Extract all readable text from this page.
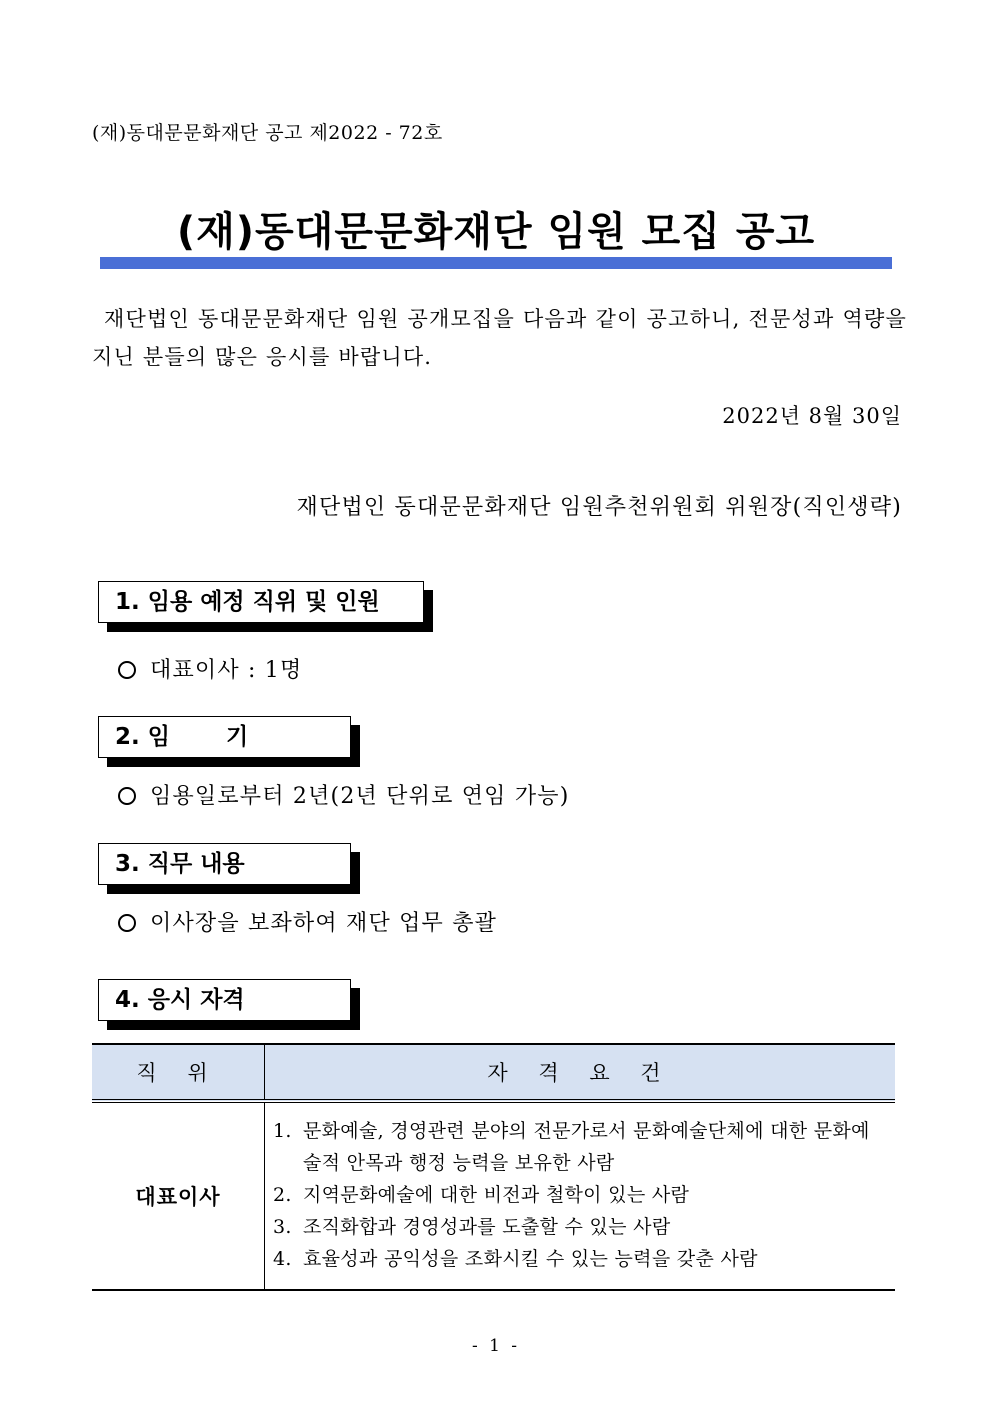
(재)동대문문화재단 공고 제2022 - 72호
(재)동대문문화재단 임원 모집 공고
재단법인 동대문문화재단 임원 공개모집을 다음과 같이 공고하니, 전문성과 역량을 지닌 분들의 많은 응시를 바랍니다.
2022년 8월 30일
재단법인 동대문문화재단 임원추천위원회 위원장(직인생략)
1. 임용 예정 직위 및 인원
대표이사 : 1명
2. 임       기
임용일로부터 2년(2년 단위로 연임 가능)
3. 직무 내용
이사장을 보좌하여 재단 업무 총괄
4. 응시 자격
직 위	자 격 요 건
대표이사	1. 문화예술, 경영관련 분야의 전문가로서 문화예술단체에 대한 문화예술적 안목과 행정 능력을 보유한 사람
2. 지역문화예술에 대한 비전과 철학이 있는 사람
3. 조직화합과 경영성과를 도출할 수 있는 사람
4. 효율성과 공익성을 조화시킬 수 있는 능력을 갖춘 사람
- 1 -
